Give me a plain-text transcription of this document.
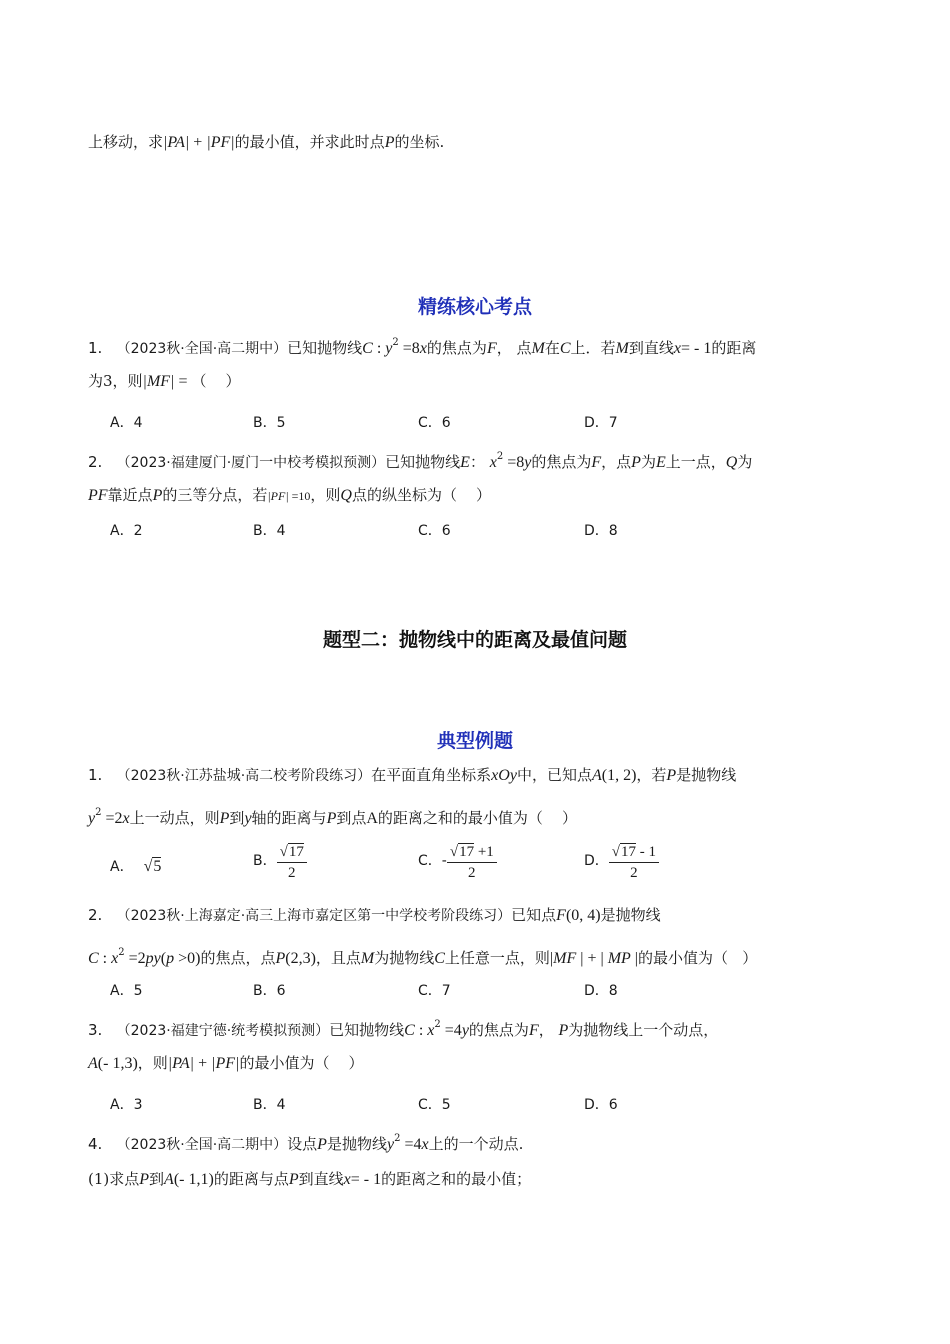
上移动，求|PA| + |PF|的最小值，并求此时点P的坐标.
精练核心考点
1. （2023秋·全国·高二期中）已知抛物线C : $y^2 =8x$的焦点为F， 点M在C上．若M到直线x= - 1的距离
为3，则|MF| = （    ）
A．4	B．5	C．6	D．7
2. （2023·福建厦门·厦门一中校考模拟预测）已知抛物线E： $x^2 =8y$的焦点为F，点P为E上一点，Q为
PF靠近点P的三等分点，若|PF| =10，则Q点的纵坐标为（    ）
A．2	B．4	C．6	D．8
题型二：抛物线中的距离及最值问题
典型例题
1. （2023秋·江苏盐城·高二校考阶段练习）在平面直角坐标系xOy中，已知点A(1, 2)，若P是抛物线
$y^2 =2x$上一动点，则P到y轴的距离与P到点A的距离之和的最小值为（    ）
A． √5	B． $\frac{√17}{2}$	C．- $\frac{√17 +1}{2}$	D． $\frac{√17 - 1}{2}$
2. （2023秋·上海嘉定·高三上海市嘉定区第一中学校考阶段练习）已知点F(0, 4)是抛物线
C : $x^2 =2py(p >0)$的焦点，点P(2,3)，且点M为抛物线C上任意一点，则|MF | + | MP |的最小值为（   ）
A．5	B．6	C．7	D．8
3. （2023·福建宁德·统考模拟预测）已知抛物线C : $x^2 =4y$的焦点为F， P为抛物线上一个动点，
A(- 1,3)，则|PA| + |PF|的最小值为（    ）
A．3	B．4	C．5	D．6
4. （2023秋·全国·高二期中）设点P是抛物线$y^2 =4x$上的一个动点.
(1)求点P到A(- 1,1)的距离与点P到直线x= - 1的距离之和的最小值；
